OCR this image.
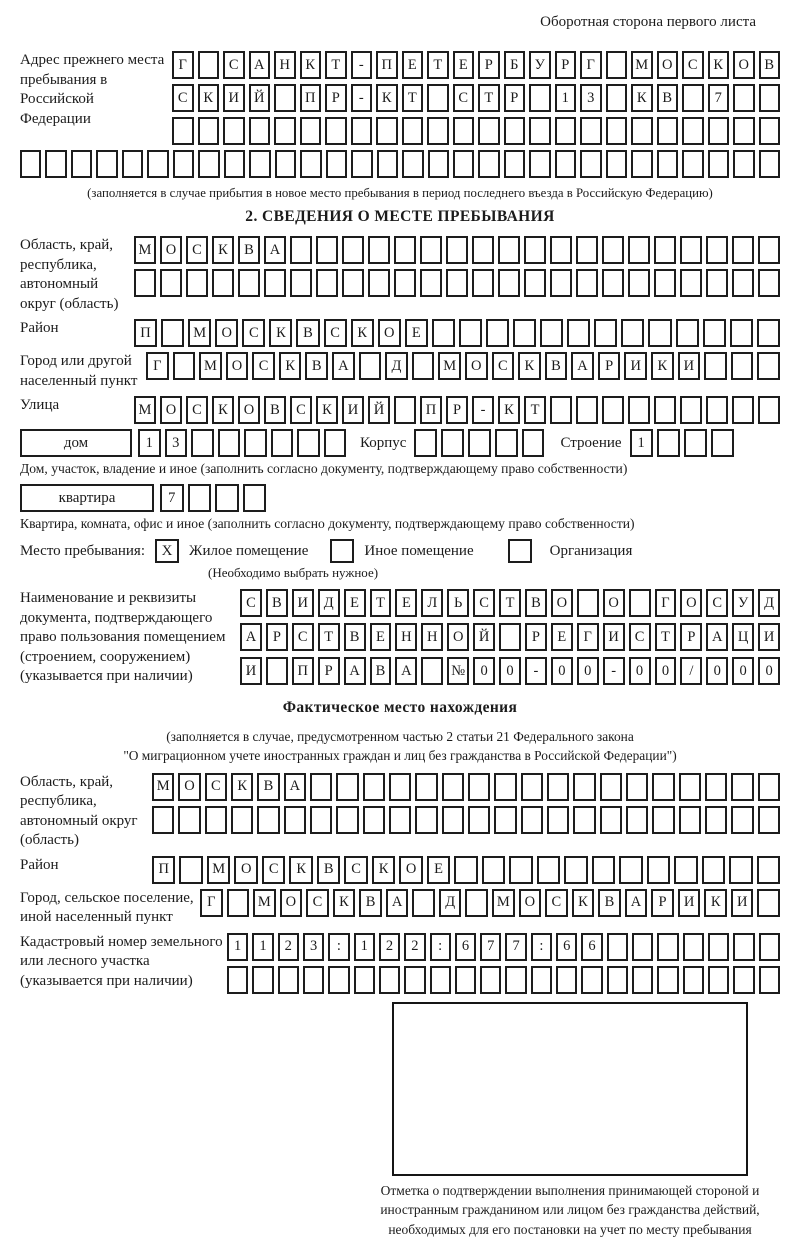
Оборотная сторона первого листа
Адрес прежнего места пребывания в Российской Федерации
Г	С	А	Н	К	Т	-	П	Е	Т	Е	Р	Б	У	Р	Г	М О	С	К	О	В
С	К	И	Й	П	Р	-	К	Т	С	Т	Р	1	3	К	В	7
(заполняется в случае прибытия в новое место пребывания в период последнего въезда в Российскую Федерацию)
2. СВЕДЕНИЯ О МЕСТЕ ПРЕБЫВАНИЯ
Область, край, республика, автономный округ (область)
М О	С	К	В	А
Район	П	М	О	С	К	В	С	К	О	Е
Город или другой населенный пункт
Г	М	О	С	К	В	А	Д	М	О	С	К	В	А	Р	И	К	И
Улица	М О	С	К	О	В	С	К	И	Й	П	Р	-	К	Т
дом	1	3	Корпус	Строение	1
Дом, участок, владение и иное (заполнить согласно документу, подтверждающему право собственности)
квартира	7
Квартира, комната, офис и иное (заполнить согласно документу, подтверждающему право собственности)
Место пребывания:	X	Жилое помещение	Иное помещение	Организация
(Необходимо выбрать нужное)
Наименование и реквизиты документа, подтверждающего право пользования помещением (строением, сооружением) (указывается при наличии)
С	В	И	Д	Е	Т	Е	Л	Ь	С	Т	В	О	О	Г	О	С	У	Д
А	Р	С	Т	В	Е	Н	Н	О	Й	Р	Е	Г	И	С	Т	Р	А	Ц	И
И	П	Р	А	В	А	№	0	0	-	0	0	-	0	0	/	0	0	0
Фактическое место нахождения
(заполняется в случае, предусмотренном частью 2 статьи 21 Федерального закона
"О миграционном учете иностранных граждан и лиц без гражданства в Российской Федерации")
Область, край, республика, автономный округ (область)
М	О	С	К	В	А
Район	П	М	О	С	К	В	С	К	О	Е
Город, сельское поселение, иной населенный пункт
Г	М	О	С	К	В	А	Д	М	О	С	К	В	А	Р	И	К	И
Кадастровый номер земельного или лесного участка (указывается при наличии)
1	1	2	3	:	1	2	2	:	6	7	7	:	6	6
Отметка о подтверждении выполнения принимающей стороной и иностранным гражданином или лицом без гражданства действий, необходимых для его постановки на учет по месту пребывания
